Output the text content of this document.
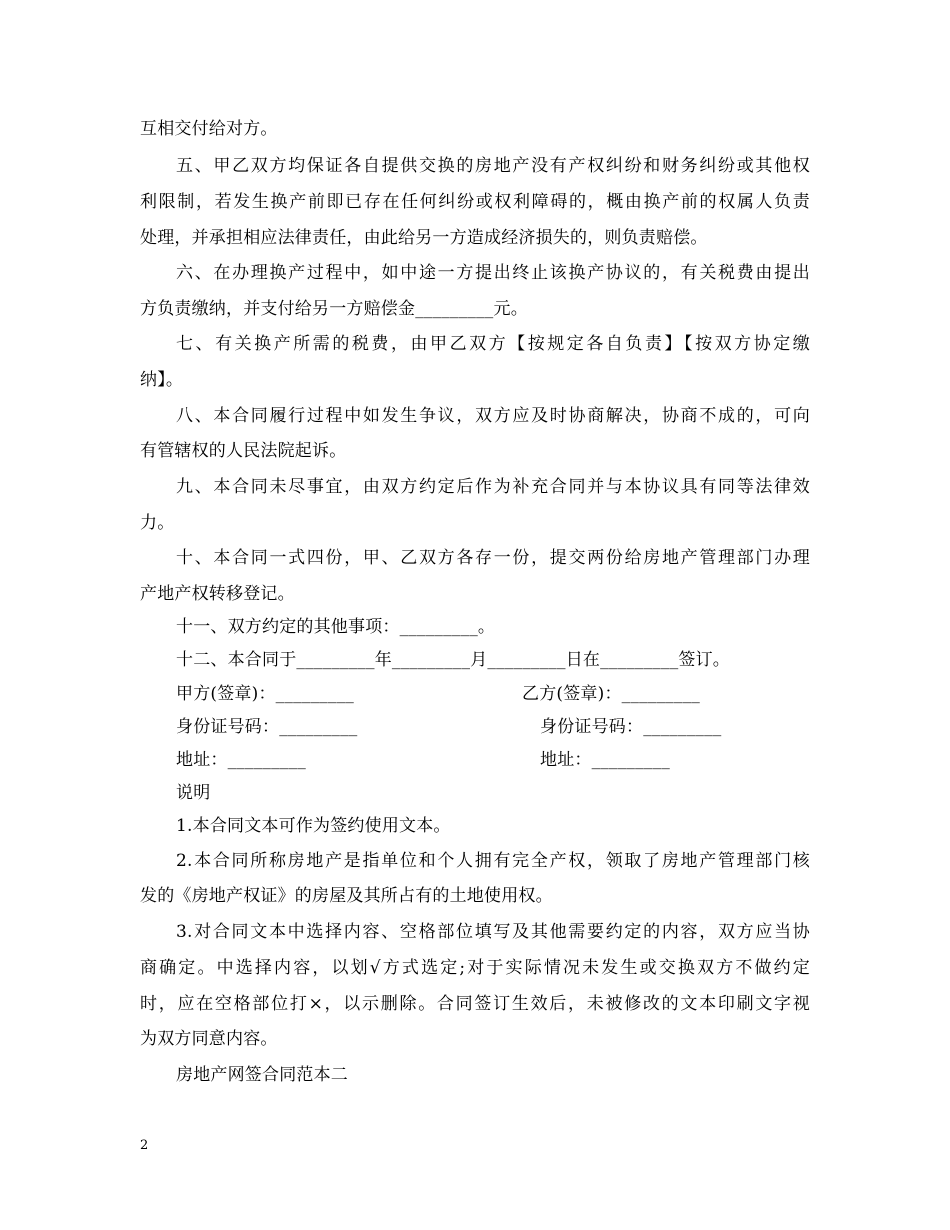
互相交付给对方。
五、甲乙双方均保证各自提供交换的房地产没有产权纠纷和财务纠纷或其他权
利限制，若发生换产前即已存在任何纠纷或权利障碍的，概由换产前的权属人负责
处理，并承担相应法律责任，由此给另一方造成经济损失的，则负责赔偿。
六、在办理换产过程中，如中途一方提出终止该换产协议的，有关税费由提出
方负责缴纳，并支付给另一方赔偿金_________元。
七、有关换产所需的税费，由甲乙双方【按规定各自负责】【按双方协定缴
纳】。
八、本合同履行过程中如发生争议，双方应及时协商解决，协商不成的，可向
有管辖权的人民法院起诉。
九、本合同未尽事宜，由双方约定后作为补充合同并与本协议具有同等法律效
力。
十、本合同一式四份，甲、乙双方各存一份，提交两份给房地产管理部门办理
产地产权转移登记。
十一、双方约定的其他事项：_________。
十二、本合同于_________年_________月_________日在_________签订。
甲方(签章)：_________	乙方(签章)：_________
身份证号码：_________	身份证号码：_________
地址：_________	地址：_________
说明
1.本合同文本可作为签约使用文本。
2.本合同所称房地产是指单位和个人拥有完全产权，领取了房地产管理部门核
发的《房地产权证》的房屋及其所占有的土地使用权。
3.对合同文本中选择内容、空格部位填写及其他需要约定的内容，双方应当协
商确定。中选择内容，以划√方式选定;对于实际情况未发生或交换双方不做约定
时，应在空格部位打×，以示删除。合同签订生效后，未被修改的文本印刷文字视
为双方同意内容。
房地产网签合同范本二
2
